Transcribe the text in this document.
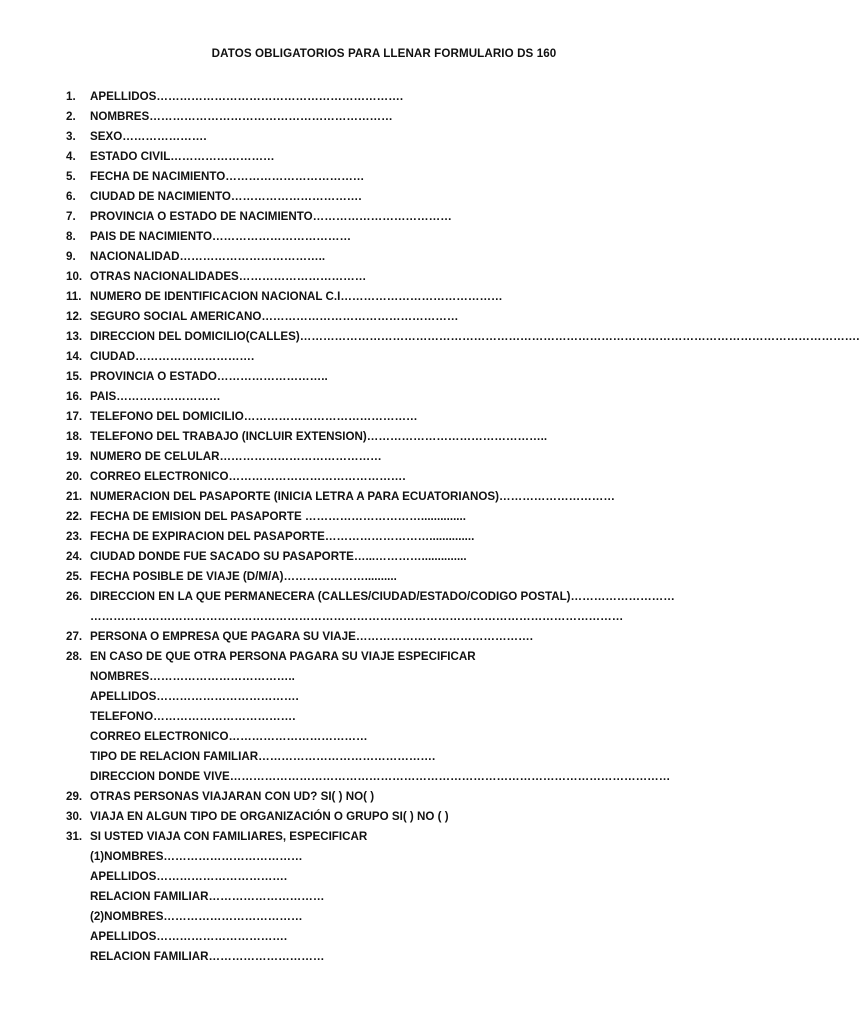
DATOS OBLIGATORIOS PARA LLENAR FORMULARIO DS 160
1. APELLIDOS……………………………………………………….
2. NOMBRES………………………………………………………
3. SEXO………………….
4. ESTADO CIVIL………………………
5. FECHA DE NACIMIENTO………………………………
6. CIUDAD DE NACIMIENTO…………………………….
7. PROVINCIA O ESTADO DE NACIMIENTO………………………………
8. PAIS DE NACIMIENTO………………………………
9. NACIONALIDAD………………………………..
10. OTRAS NACIONALIDADES……………………………
11. NUMERO DE IDENTIFICACION NACIONAL C.I……………………………………
12. SEGURO SOCIAL AMERICANO……………………………………………
13. DIRECCION DEL DOMICILIO(CALLES)……………………………………………………………………………………………………………………………….
14. CIUDAD………………………….
15. PROVINCIA O ESTADO………………………..
16. PAIS………………………
17. TELEFONO DEL DOMICILIO………………………………………
18. TELEFONO DEL TRABAJO (INCLUIR EXTENSION)………………………………………..
19. NUMERO DE CELULAR……………………………………
20. CORREO ELECTRONICO……………………………………….
21. NUMERACION DEL PASAPORTE (INICIA LETRA A PARA ECUATORIANOS)…………………………
22. FECHA DE EMISION DEL PASAPORTE …………………………..............
23. FECHA DE EXPIRACION DEL PASAPORTE………………………..............
24. CIUDAD DONDE FUE SACADO SU PASAPORTE…...…………..............
25. FECHA POSIBLE DE VIAJE (D/M/A)…………………..........
26. DIRECCION EN LA QUE PERMANECERA (CALLES/CIUDAD/ESTADO/CODIGO POSTAL)………………………
…………………………………………………………………………………………………………………………
27. PERSONA O EMPRESA QUE PAGARA SU VIAJE……………………………………….
28. EN CASO DE QUE OTRA PERSONA PAGARA SU VIAJE ESPECIFICAR
NOMBRES………………………………..
APELLIDOS……………………………….
TELEFONO……………………………….
CORREO ELECTRONICO………………………………
TIPO DE RELACION FAMILIAR……………………………………….
DIRECCION DONDE VIVE……………………………………………………………………………………………………
29. OTRAS PERSONAS VIAJARAN CON UD? SI( ) NO( )
30. VIAJA EN ALGUN TIPO DE ORGANIZACIÓN O GRUPO SI( ) NO ( )
31. SI USTED VIAJA CON FAMILIARES, ESPECIFICAR
(1)NOMBRES………………………………
APELLIDOS…………………………….
RELACION FAMILIAR…………………………
(2)NOMBRES………………………………
APELLIDOS…………………………….
RELACION FAMILIAR…………………………
